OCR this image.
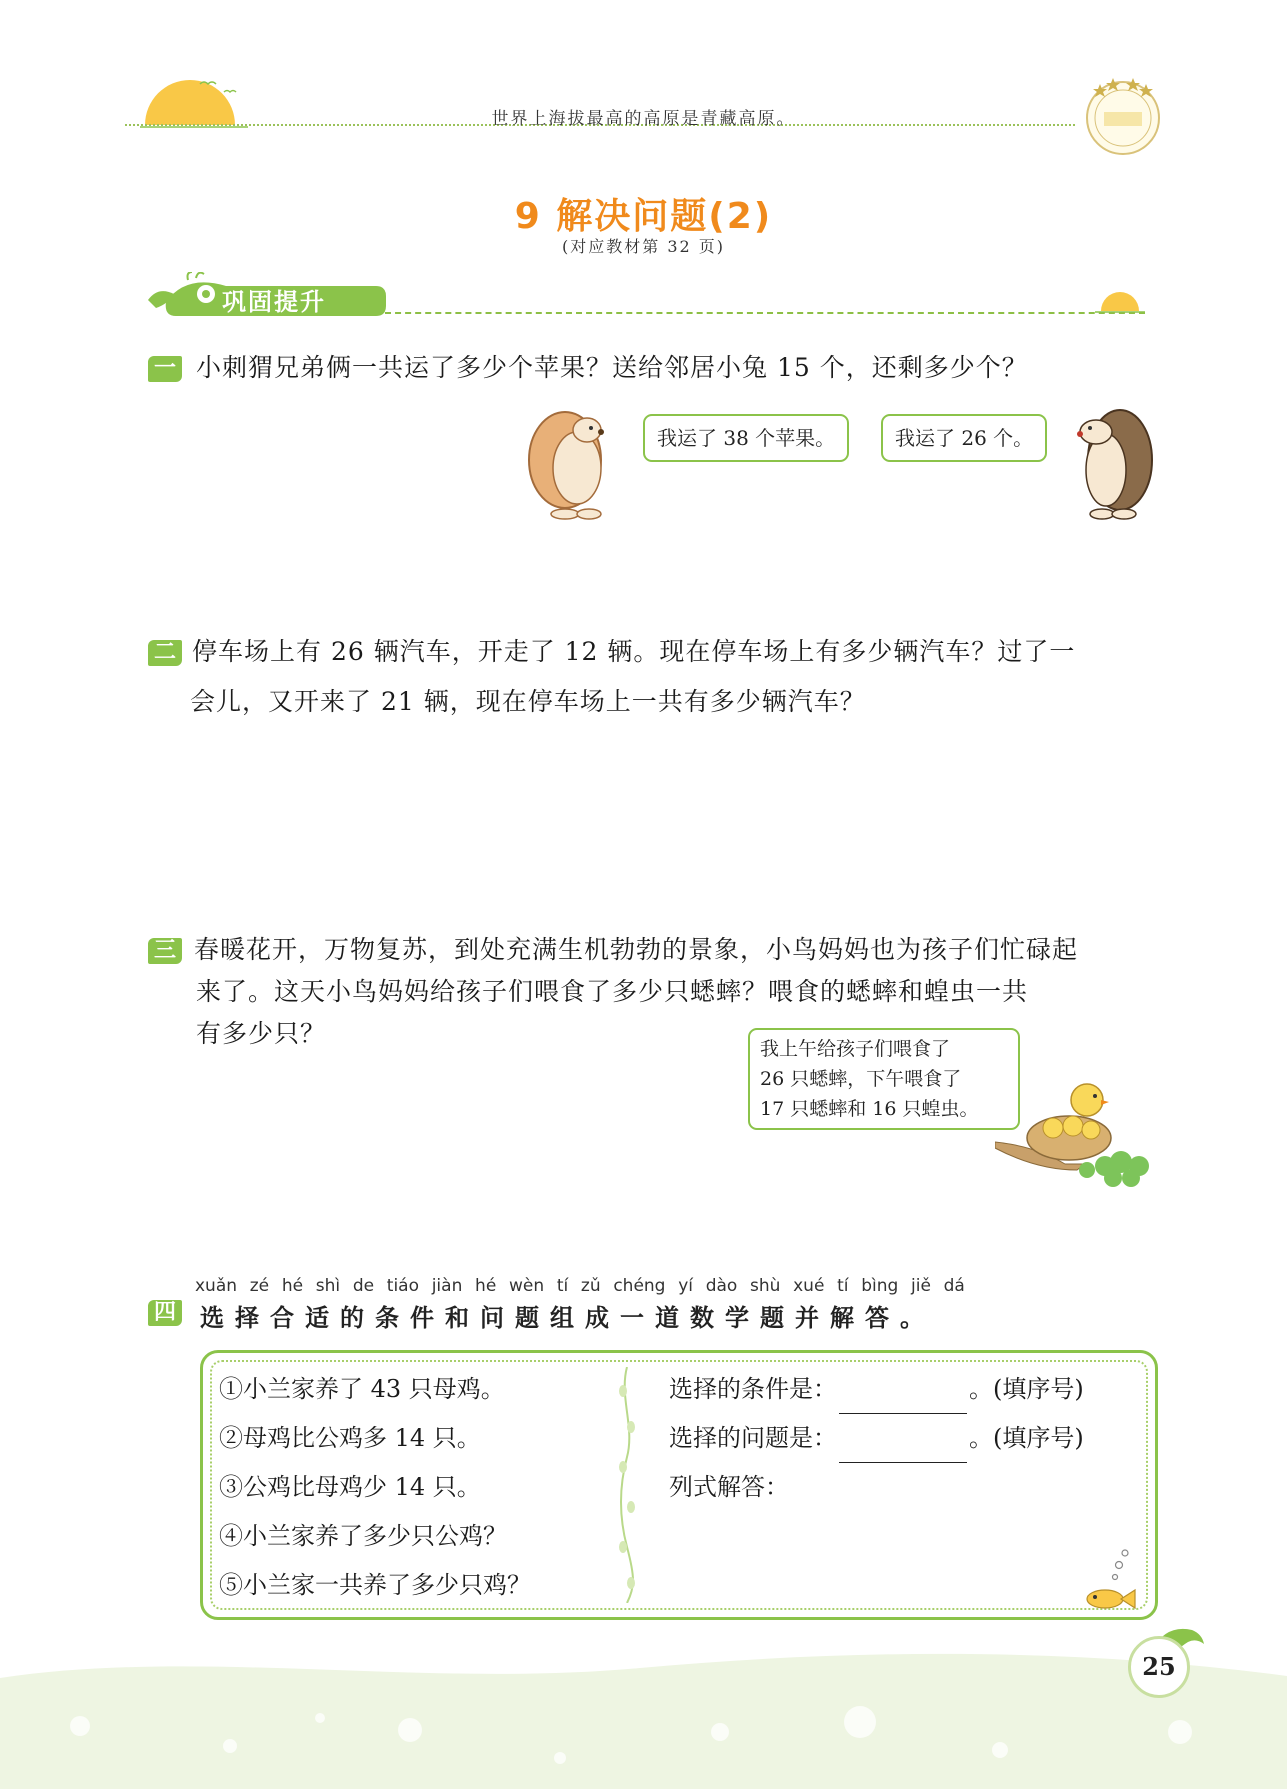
世界上海拔最高的高原是青藏高原。
9 解决问题(2)
(对应教材第 32 页)
巩固提升
一 小刺猬兄弟俩一共运了多少个苹果？送给邻居小兔 15 个，还剩多少个？
我运了 38 个苹果。	我运了 26 个。
二 停车场上有 26 辆汽车，开走了 12 辆。现在停车场上有多少辆汽车？过了一
会儿，又开来了 21 辆，现在停车场上一共有多少辆汽车？
三 春暖花开，万物复苏，到处充满生机勃勃的景象，小鸟妈妈也为孩子们忙碌起
来了。这天小鸟妈妈给孩子们喂食了多少只蟋蟀？喂食的蟋蟀和蝗虫一共
有多少只？
我上午给孩子们喂食了
26 只蟋蟀，下午喂食了
17 只蟋蟀和 16 只蝗虫。
xuǎn zé hé shì de tiáo jiàn hé wèn tí zǔ chéng yí dào shù xué tí bìng jiě dá
四 选择合适的条件和问题组成一道数学题并解答。
①小兰家养了 43 只母鸡。
②母鸡比公鸡多 14 只。
③公鸡比母鸡少 14 只。
④小兰家养了多少只公鸡？
⑤小兰家一共养了多少只鸡？
选择的条件是：	。(填序号)
选择的问题是：	。(填序号)
列式解答：
25
